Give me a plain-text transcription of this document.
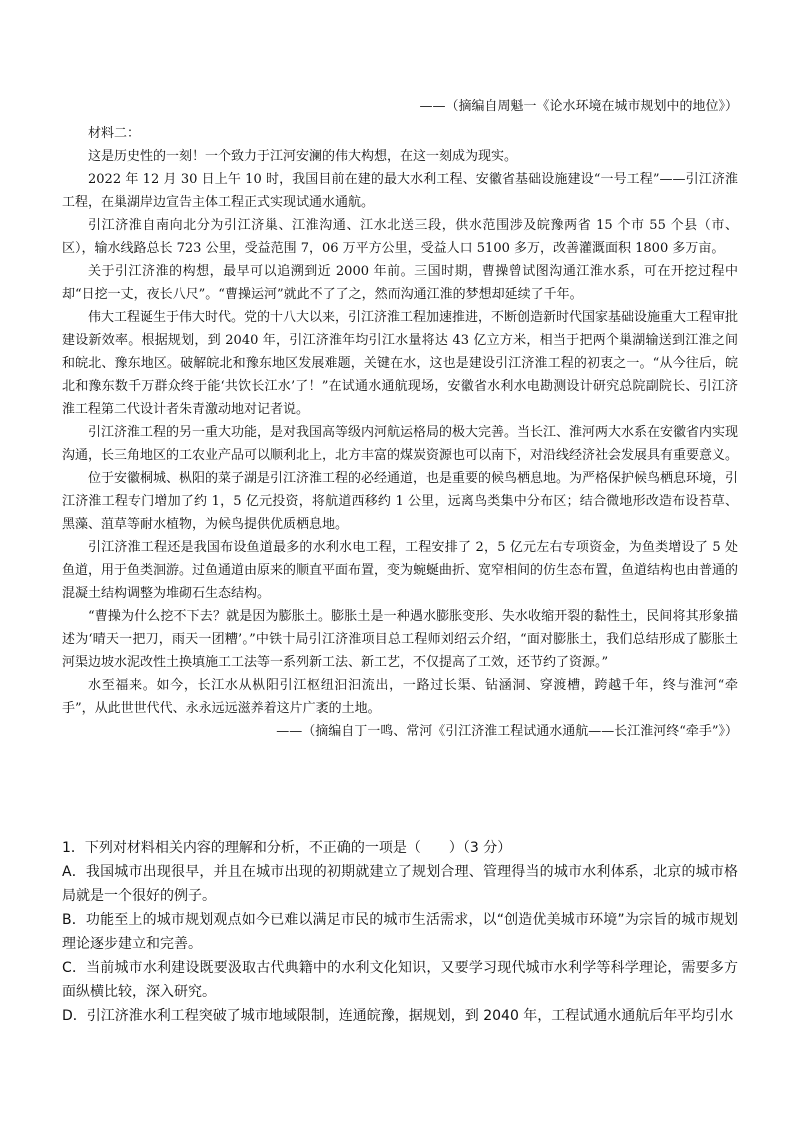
——（摘编自周魁一《论水环境在城市规划中的地位》）

材料二：

这是历史性的一刻！一个致力于江河安澜的伟大构想，在这一刻成为现实。

2022 年 12 月 30 日上午 10 时，我国目前在建的最大水利工程、安徽省基础设施建设“一号工程”——引江济淮工程，在巢湖岸边宣告主体工程正式实现试通水通航。

引江济淮自南向北分为引江济巢、江淮沟通、江水北送三段，供水范围涉及皖豫两省 15 个市 55 个县（市、区），输水线路总长 723 公里，受益范围 7，06 万平方公里，受益人口 5100 多万，改善灌溉面积 1800 多万亩。

关于引江济淮的构想，最早可以追溯到近 2000 年前。三国时期，曹操曾试图沟通江淮水系，可在开挖过程中却“日挖一丈，夜长八尺”。“曹操运河”就此不了了之，然而沟通江淮的梦想却延续了千年。

伟大工程诞生于伟大时代。党的十八大以来，引江济淮工程加速推进，不断创造新时代国家基础设施重大工程审批建设新效率。根据规划，到 2040 年，引江济淮年均引江水量将达 43 亿立方米，相当于把两个巢湖输送到江淮之间和皖北、豫东地区。破解皖北和豫东地区发展难题，关键在水，这也是建设引江济淮工程的初衷之一。“从今往后，皖北和豫东数千万群众终于能‘共饮长江水’了！”在试通水通航现场，安徽省水利水电勘测设计研究总院副院长、引江济淮工程第二代设计者朱青激动地对记者说。

引江济淮工程的另一重大功能，是对我国高等级内河航运格局的极大完善。当长江、淮河两大水系在安徽省内实现沟通，长三角地区的工农业产品可以顺利北上，北方丰富的煤炭资源也可以南下，对沿线经济社会发展具有重要意义。

位于安徽桐城、枞阳的菜子湖是引江济淮工程的必经通道，也是重要的候鸟栖息地。为严格保护候鸟栖息环境，引江济淮工程专门增加了约 1，5 亿元投资，将航道西移约 1 公里，远离鸟类集中分布区；结合微地形改造布设苔草、黑藻、菹草等耐水植物，为候鸟提供优质栖息地。

引江济淮工程还是我国布设鱼道最多的水利水电工程，工程安排了 2，5 亿元左右专项资金，为鱼类增设了 5 处鱼道，用于鱼类洄游。过鱼通道由原来的顺直平面布置，变为蜿蜒曲折、宽窄相间的仿生态布置，鱼道结构也由普通的混凝土结构调整为堆砌石生态结构。

“曹操为什么挖不下去？就是因为膨胀土。膨胀土是一种遇水膨胀变形、失水收缩开裂的黏性土，民间将其形象描述为‘晴天一把刀，雨天一团糟’。”中铁十局引江济淮项目总工程师刘绍云介绍，“面对膨胀土，我们总结形成了膨胀土河渠边坡水泥改性土换填施工工法等一系列新工法、新工艺，不仅提高了工效，还节约了资源。”

水至福来。如今，长江水从枞阳引江枢纽汩汩流出，一路过长渠、钻涵洞、穿渡槽，跨越千年，终与淮河“牵手”，从此世世代代、永永远远滋养着这片广袤的土地。

——（摘编自丁一鸣、常河《引江济淮工程试通水通航——长江淮河终“牵手”》）

1．下列对材料相关内容的理解和分析，不正确的一项是（　　）（3 分）

A．我国城市出现很早，并且在城市出现的初期就建立了规划合理、管理得当的城市水利体系，北京的城市格局就是一个很好的例子。

B．功能至上的城市规划观点如今已难以满足市民的城市生活需求，以“创造优美城市环境”为宗旨的城市规划理论逐步建立和完善。

C．当前城市水利建设既要汲取古代典籍中的水利文化知识，又要学习现代城市水利学等科学理论，需要多方面纵横比较，深入研究。

D．引江济淮水利工程突破了城市地域限制，连通皖豫，据规划，到 2040 年，工程试通水通航后年平均引水
